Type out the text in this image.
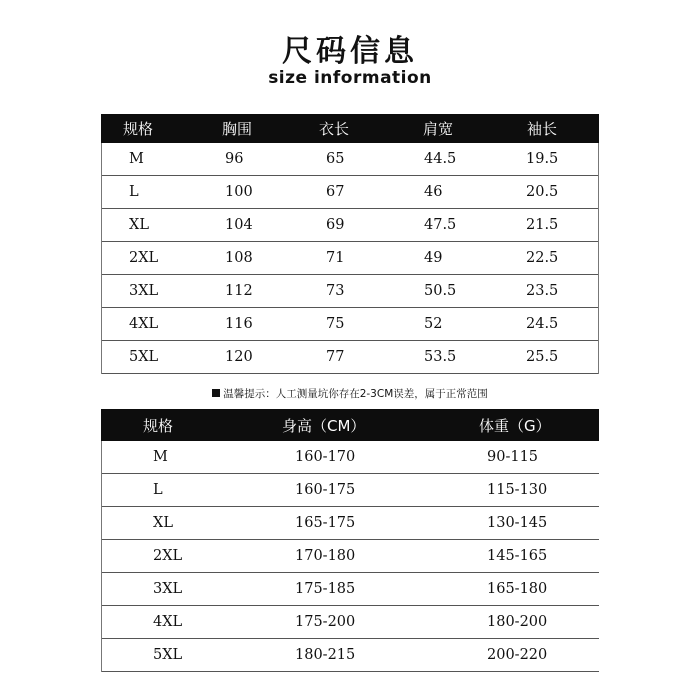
尺码信息
size information
规格	胸围	衣长	肩宽	袖长
M	96	65	44.5	19.5
L	100	67	46	20.5
XL	104	69	47.5	21.5
2XL	108	71	49	22.5
3XL	112	73	50.5	23.5
4XL	116	75	52	24.5
5XL	120	77	53.5	25.5
温馨提示：人工测量坑你存在2-3CM误差，属于正常范围
规格	身高（CM）	体重（G）
M	160-170	90-115
L	160-175	115-130
XL	165-175	130-145
2XL	170-180	145-165
3XL	175-185	165-180
4XL	175-200	180-200
5XL	180-215	200-220
